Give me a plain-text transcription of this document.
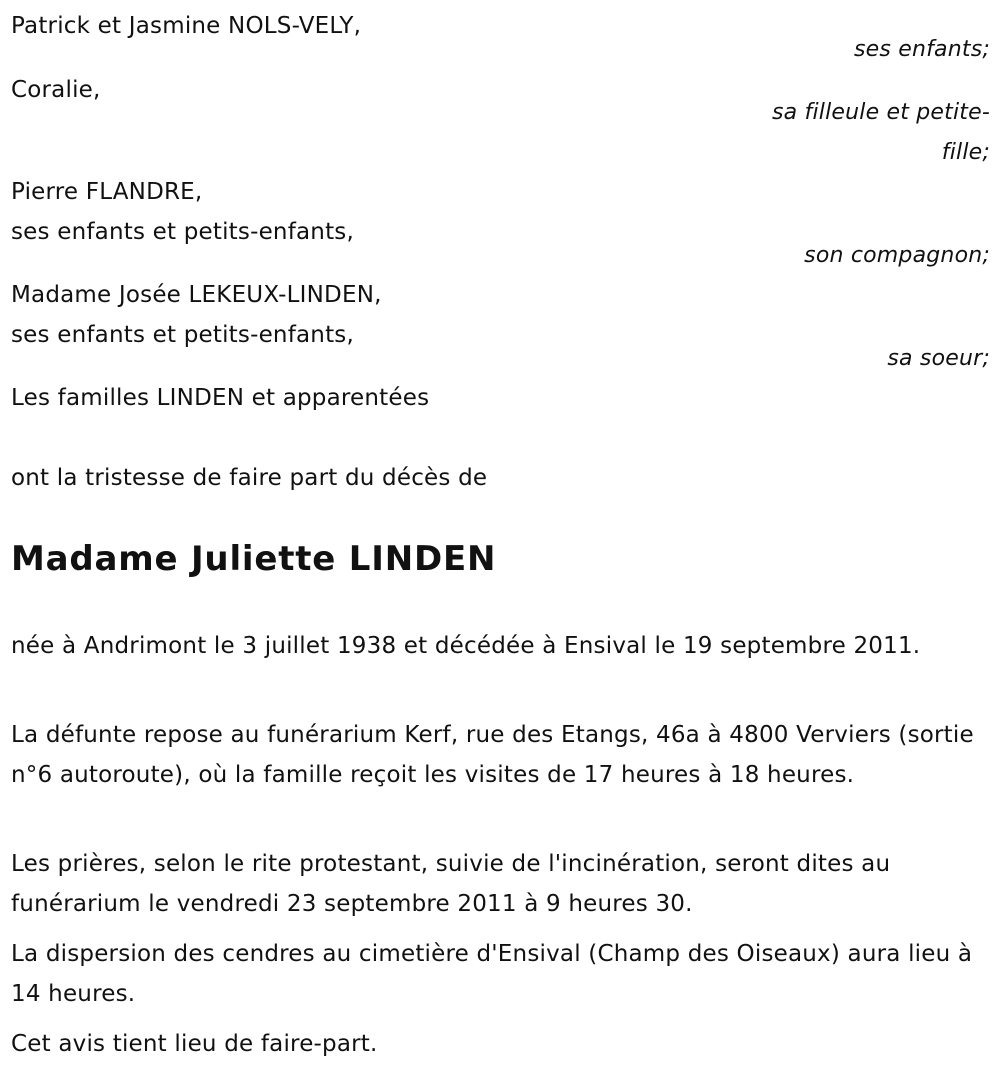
Patrick et Jasmine NOLS-VELY,
ses enfants;
Coralie,
sa filleule et petite-
fille;
Pierre FLANDRE,
ses enfants et petits-enfants,
son compagnon;
Madame Josée LEKEUX-LINDEN,
ses enfants et petits-enfants,
sa soeur;
Les familles LINDEN et apparentées
ont la tristesse de faire part du décès de
Madame Juliette LINDEN
née à Andrimont le 3 juillet 1938 et décédée à Ensival le 19 septembre 2011.
La défunte repose au funérarium Kerf, rue des Etangs, 46a à 4800 Verviers (sortie n°6 autoroute), où la famille reçoit les visites de 17 heures à 18 heures.
Les prières, selon le rite protestant, suivie de l'incinération, seront dites au funérarium le vendredi 23 septembre 2011 à 9 heures 30.
La dispersion des cendres au cimetière d'Ensival (Champ des Oiseaux) aura lieu à 14 heures.
Cet avis tient lieu de faire-part.
